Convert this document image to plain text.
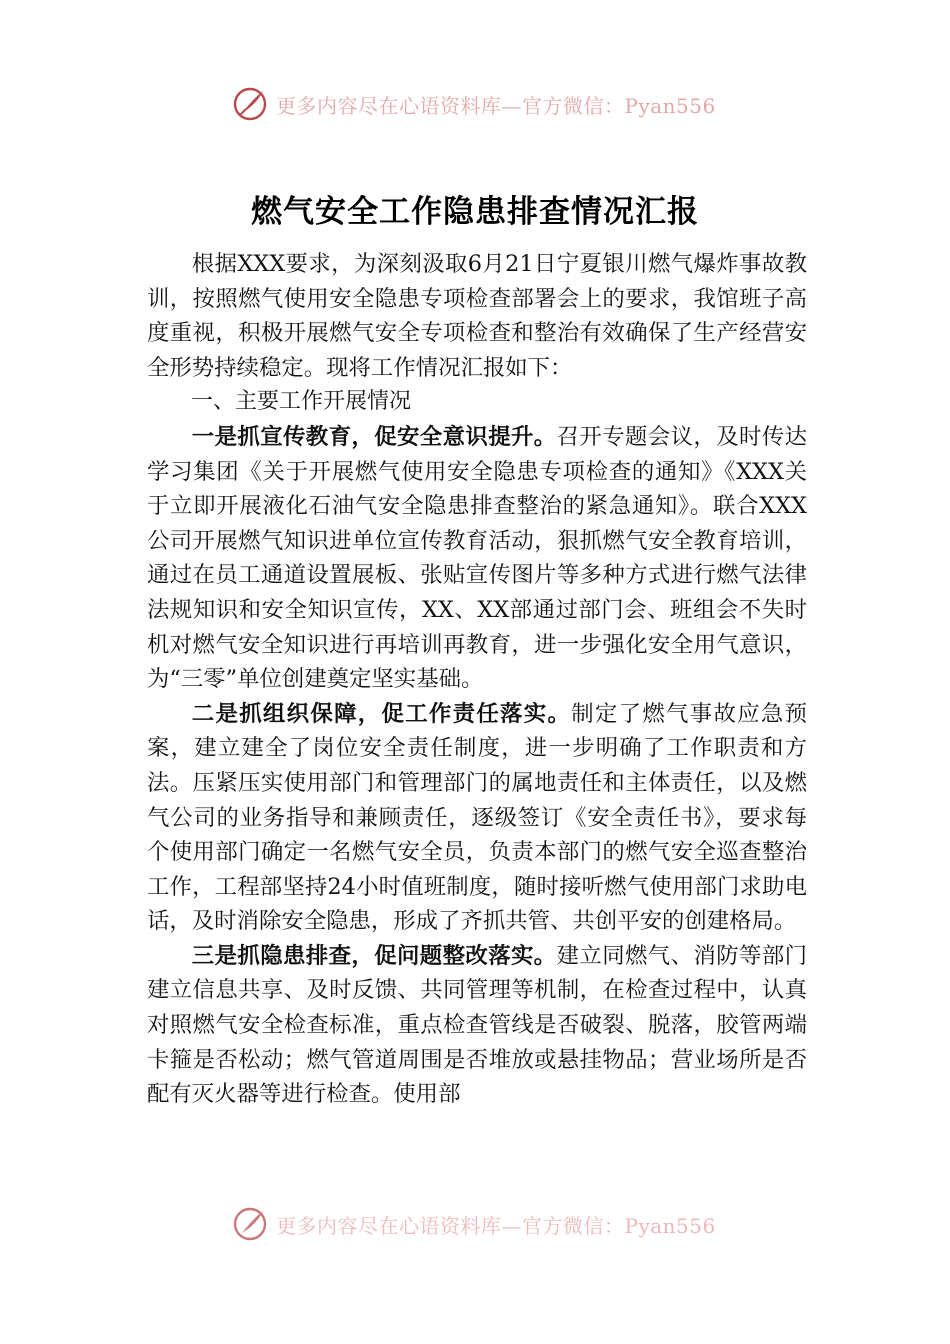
更多内容尽在心语资料库—官方微信：Pyan556
燃气安全工作隐患排查情况汇报

根据XXX要求，为深刻汲取6月21日宁夏银川燃气爆炸事故教训，按照燃气使用安全隐患专项检查部署会上的要求，我馆班子高度重视，积极开展燃气安全专项检查和整治有效确保了生产经营安全形势持续稳定。现将工作情况汇报如下：

一、主要工作开展情况

一是抓宣传教育，促安全意识提升。召开专题会议，及时传达学习集团《关于开展燃气使用安全隐患专项检查的通知》《XXX关于立即开展液化石油气安全隐患排查整治的紧急通知》。联合XXX公司开展燃气知识进单位宣传教育活动，狠抓燃气安全教育培训，通过在员工通道设置展板、张贴宣传图片等多种方式进行燃气法律法规知识和安全知识宣传，XX、XX部通过部门会、班组会不失时机对燃气安全知识进行再培训再教育，进一步强化安全用气意识，为“三零”单位创建奠定坚实基础。

二是抓组织保障，促工作责任落实。制定了燃气事故应急预案，建立建全了岗位安全责任制度，进一步明确了工作职责和方法。压紧压实使用部门和管理部门的属地责任和主体责任，以及燃气公司的业务指导和兼顾责任，逐级签订《安全责任书》，要求每个使用部门确定一名燃气安全员，负责本部门的燃气安全巡查整治工作，工程部坚持24小时值班制度，随时接听燃气使用部门求助电话，及时消除安全隐患，形成了齐抓共管、共创平安的创建格局。

三是抓隐患排查，促问题整改落实。建立同燃气、消防等部门建立信息共享、及时反馈、共同管理等机制，在检查过程中，认真对照燃气安全检查标准，重点检查管线是否破裂、脱落，胶管两端卡箍是否松动；燃气管道周围是否堆放或悬挂物品；营业场所是否配有灭火器等进行检查。使用部

更多内容尽在心语资料库—官方微信：Pyan556
